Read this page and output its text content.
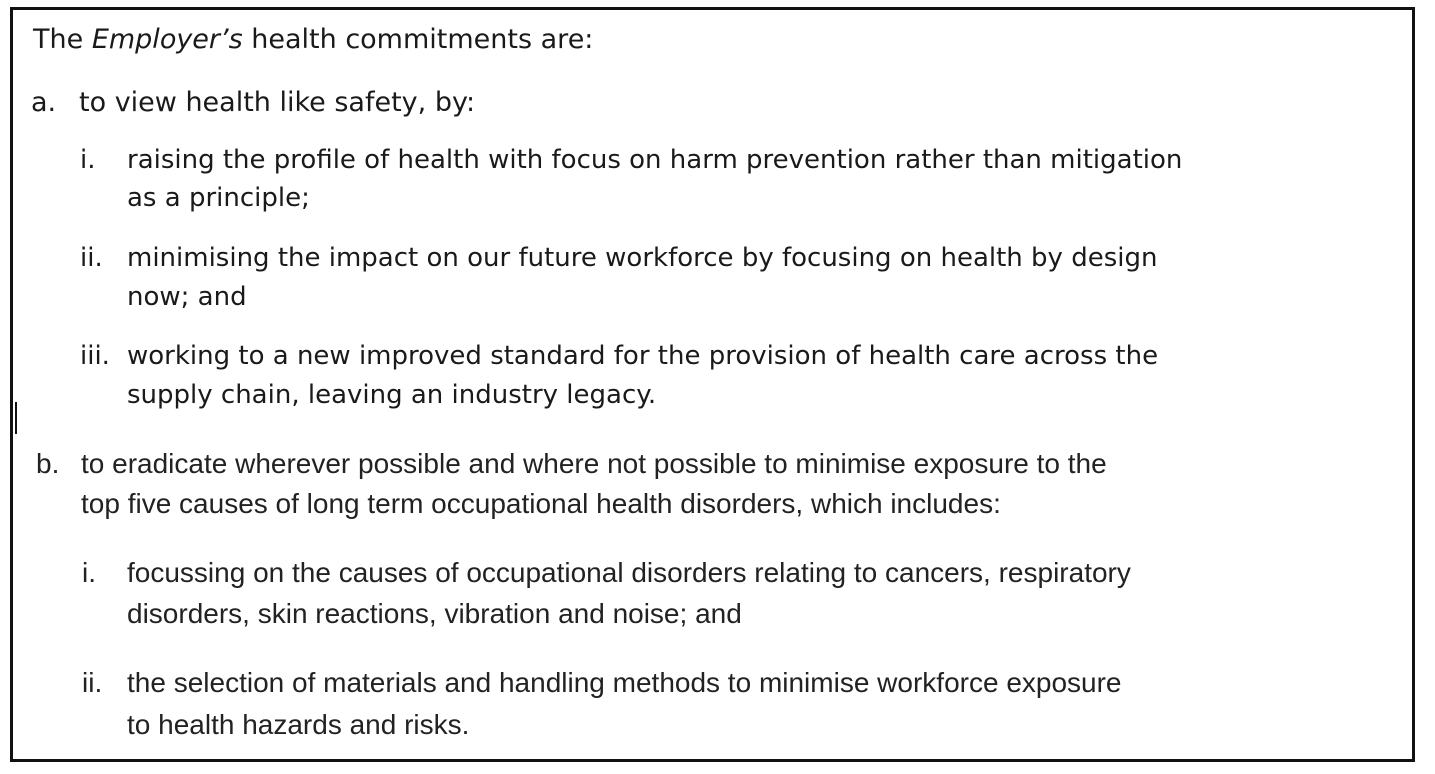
The Employer’s health commitments are:
a. to view health like safety, by:
i. raising the profile of health with focus on harm prevention rather than mitigation
as a principle;
ii. minimising the impact on our future workforce by focusing on health by design
now; and
iii. working to a new improved standard for the provision of health care across the
supply chain, leaving an industry legacy.
b. to eradicate wherever possible and where not possible to minimise exposure to the
top five causes of long term occupational health disorders, which includes:
i. focussing on the causes of occupational disorders relating to cancers, respiratory
disorders, skin reactions, vibration and noise; and
ii. the selection of materials and handling methods to minimise workforce exposure
to health hazards and risks.
